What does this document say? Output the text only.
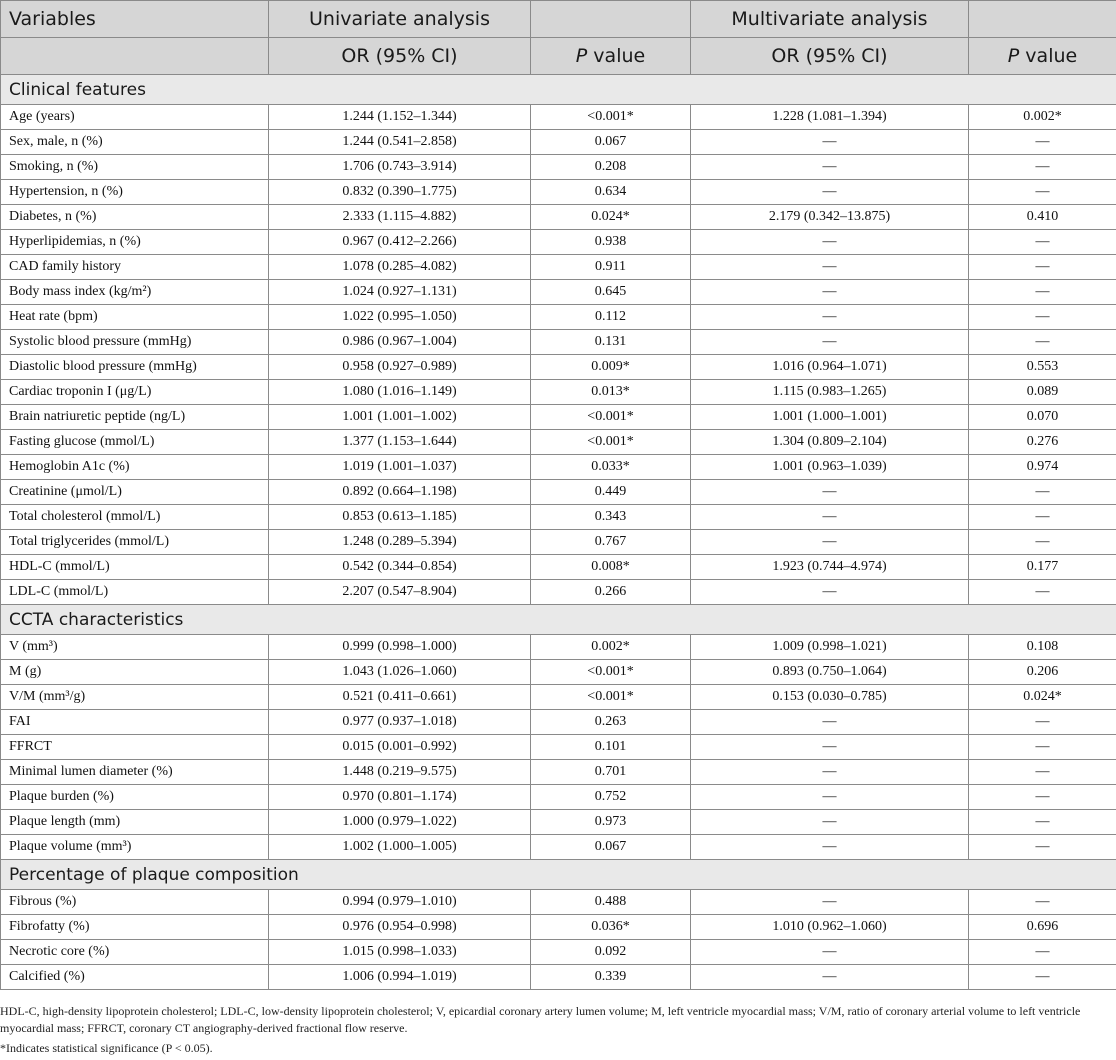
Variables	Univariate analysis		Multivariate analysis	
	OR (95% CI)	P value	OR (95% CI)	P value
Clinical features				
Age (years)	1.244 (1.152–1.344)	<0.001*	1.228 (1.081–1.394)	0.002*
Sex, male, n (%)	1.244 (0.541–2.858)	0.067	—	—
Smoking, n (%)	1.706 (0.743–3.914)	0.208	—	—
Hypertension, n (%)	0.832 (0.390–1.775)	0.634	—	—
Diabetes, n (%)	2.333 (1.115–4.882)	0.024*	2.179 (0.342–13.875)	0.410
Hyperlipidemias, n (%)	0.967 (0.412–2.266)	0.938	—	—
CAD family history	1.078 (0.285–4.082)	0.911	—	—
Body mass index (kg/m²)	1.024 (0.927–1.131)	0.645	—	—
Heat rate (bpm)	1.022 (0.995–1.050)	0.112	—	—
Systolic blood pressure (mmHg)	0.986 (0.967–1.004)	0.131	—	—
Diastolic blood pressure (mmHg)	0.958 (0.927–0.989)	0.009*	1.016 (0.964–1.071)	0.553
Cardiac troponin I (μg/L)	1.080 (1.016–1.149)	0.013*	1.115 (0.983–1.265)	0.089
Brain natriuretic peptide (ng/L)	1.001 (1.001–1.002)	<0.001*	1.001 (1.000–1.001)	0.070
Fasting glucose (mmol/L)	1.377 (1.153–1.644)	<0.001*	1.304 (0.809–2.104)	0.276
Hemoglobin A1c (%)	1.019 (1.001–1.037)	0.033*	1.001 (0.963–1.039)	0.974
Creatinine (μmol/L)	0.892 (0.664–1.198)	0.449	—	—
Total cholesterol (mmol/L)	0.853 (0.613–1.185)	0.343	—	—
Total triglycerides (mmol/L)	1.248 (0.289–5.394)	0.767	—	—
HDL-C (mmol/L)	0.542 (0.344–0.854)	0.008*	1.923 (0.744–4.974)	0.177
LDL-C (mmol/L)	2.207 (0.547–8.904)	0.266	—	—
CCTA characteristics				
V (mm³)	0.999 (0.998–1.000)	0.002*	1.009 (0.998–1.021)	0.108
M (g)	1.043 (1.026–1.060)	<0.001*	0.893 (0.750–1.064)	0.206
V/M (mm³/g)	0.521 (0.411–0.661)	<0.001*	0.153 (0.030–0.785)	0.024*
FAI	0.977 (0.937–1.018)	0.263	—	—
FFRCT	0.015 (0.001–0.992)	0.101	—	—
Minimal lumen diameter (%)	1.448 (0.219–9.575)	0.701	—	—
Plaque burden (%)	0.970 (0.801–1.174)	0.752	—	—
Plaque length (mm)	1.000 (0.979–1.022)	0.973	—	—
Plaque volume (mm³)	1.002 (1.000–1.005)	0.067	—	—
Percentage of plaque composition				
Fibrous (%)	0.994 (0.979–1.010)	0.488	—	—
Fibrofatty (%)	0.976 (0.954–0.998)	0.036*	1.010 (0.962–1.060)	0.696
Necrotic core (%)	1.015 (0.998–1.033)	0.092	—	—
Calcified (%)	1.006 (0.994–1.019)	0.339	—	—

HDL-C, high-density lipoprotein cholesterol; LDL-C, low-density lipoprotein cholesterol; V, epicardial coronary artery lumen volume; M, left ventricle myocardial mass; V/M, ratio of coronary arterial volume to left ventricle myocardial mass; FFRCT, coronary CT angiography-derived fractional flow reserve.

*Indicates statistical significance (P < 0.05).
